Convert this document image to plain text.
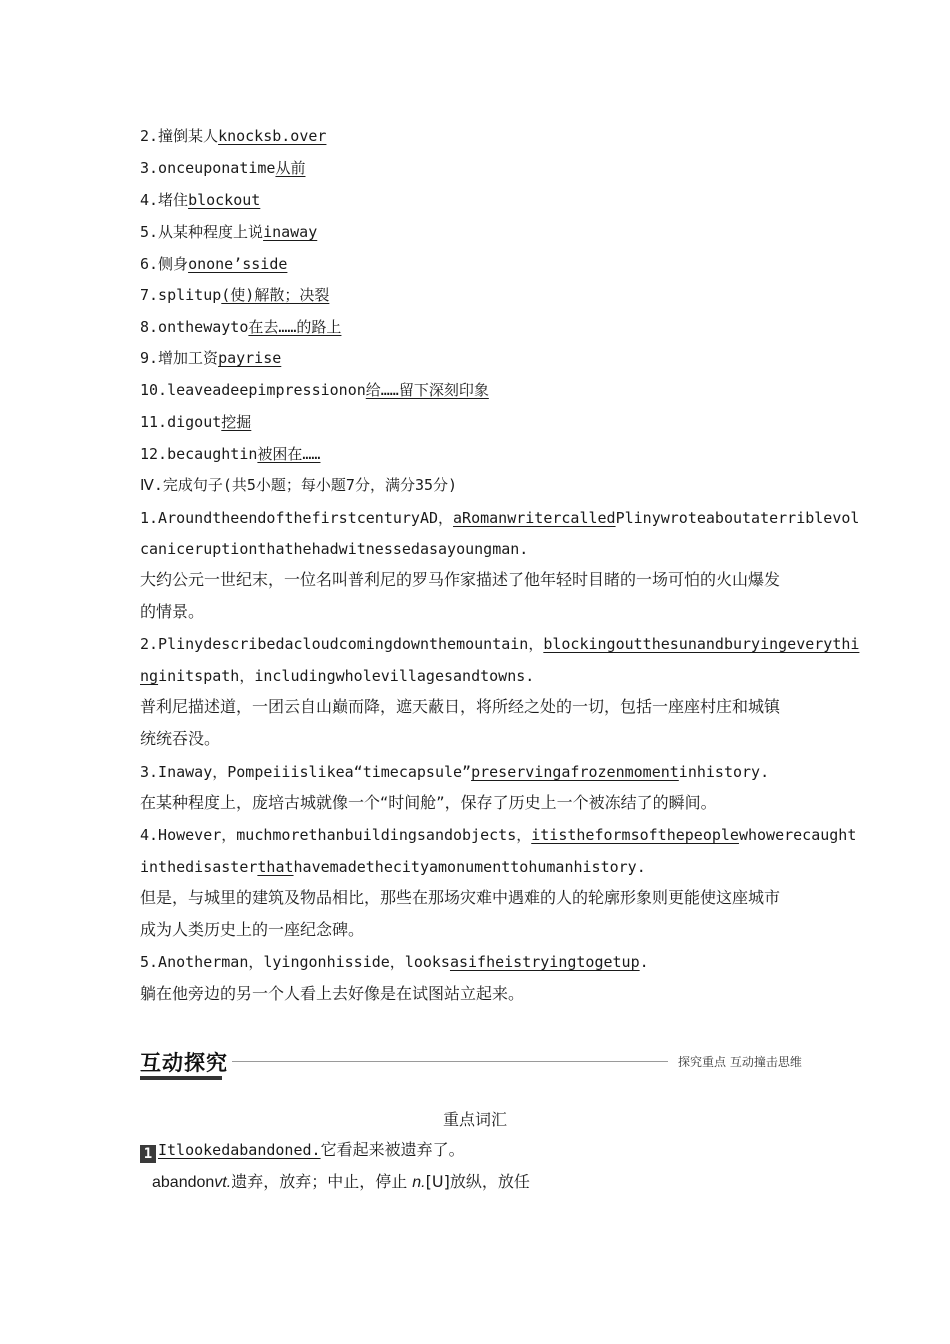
2.撞倒某人knocksb.over
3.onceuponatime从前
4.堵住blockout
5.从某种程度上说inaway
6.侧身onone’sside
7.splitup(使)解散；决裂
8.onthewayto在去……的路上
9.增加工资payrise
10.leaveadeepimpressionon给……留下深刻印象
11.digout挖掘
12.becaughtin被困在……
Ⅳ.完成句子(共5小题；每小题7分，满分35分)
1.AroundtheendofthefirstcenturyAD，aRomanwritercalledPlinywroteaboutaterriblevol
caniceruptionthathehadwitnessedasayoungman.
大约公元一世纪末，一位名叫普利尼的罗马作家描述了他年轻时目睹的一场可怕的火山爆发
的情景。
2.Plinydescribedacloudcomingdownthemountain，blockingoutthesunandburyingeverythi
nginitspath，includingwholevillagesandtowns.
普利尼描述道，一团云自山巅而降，遮天蔽日，将所经之处的一切，包括一座座村庄和城镇
统统吞没。
3.Inaway，Pompeiiislikea“timecapsule”preservingafrozenmomentinhistory.
在某种程度上，庞培古城就像一个“时间舱”，保存了历史上一个被冻结了的瞬间。
4.However，muchmorethanbuildingsandobjects，itistheformsofthepeoplewhowerecaught
inthedisasterthathavemadethecityamonumenttohumanhistory.
但是，与城里的建筑及物品相比，那些在那场灾难中遇难的人的轮廓形象则更能使这座城市
成为人类历史上的一座纪念碑。
5.Anotherman，lyingonhisside，looksasifheistryingtogetup.
躺在他旁边的另一个人看上去好像是在试图站立起来。
互动探究	探究重点 互动撞击思维
重点词汇
1 Itlookedabandoned.它看起来被遗弃了。
abandonvt.遗弃，放弃；中止，停止 n.[U]放纵，放任
